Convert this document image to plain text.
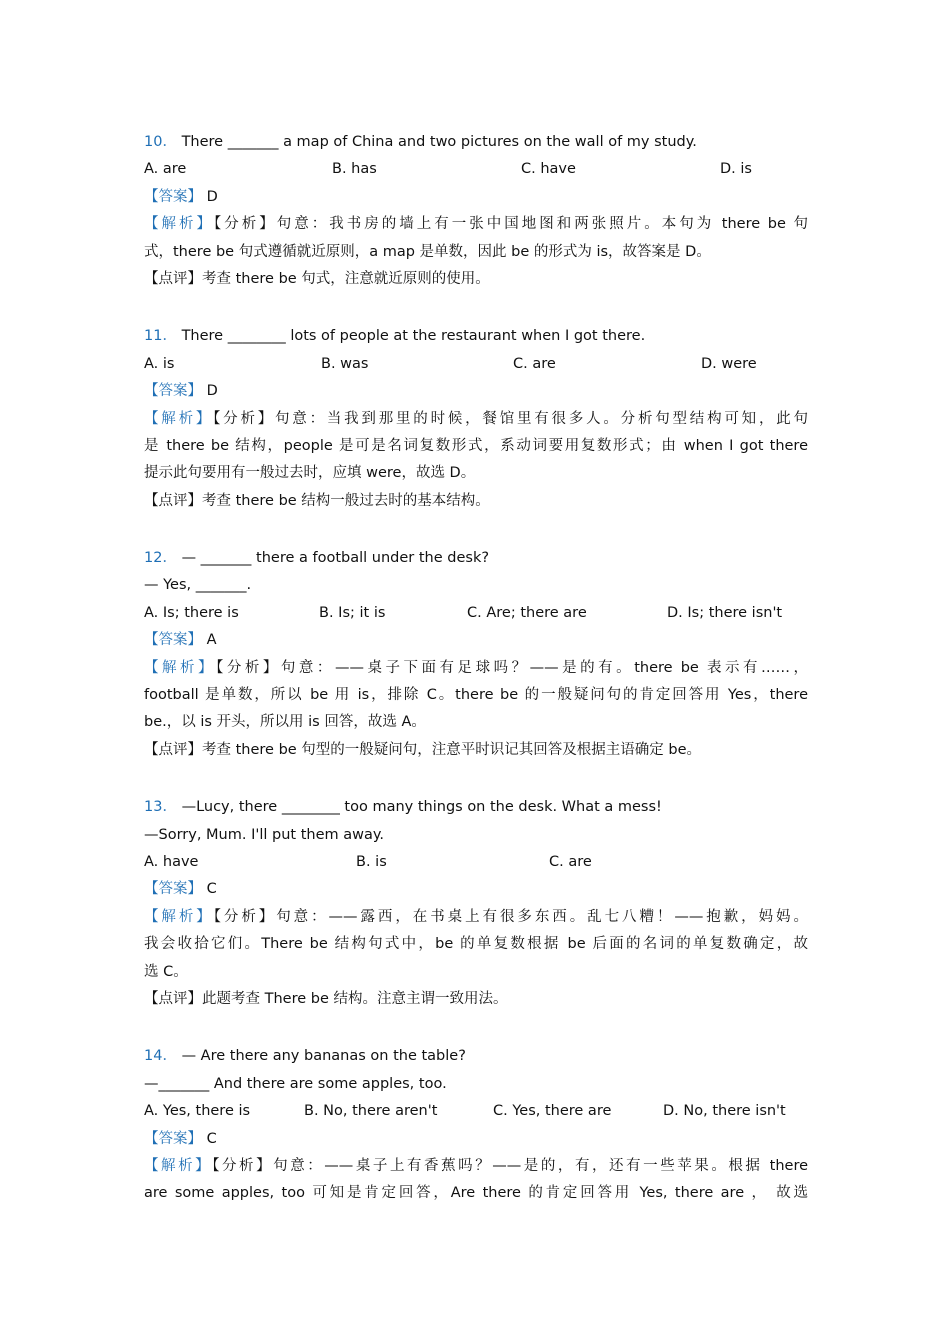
10． There _______ a map of China and two pictures on the wall of my study.
A. are	B. has	C. have	D. is
【答案】 D
【解析】【分析】句意：我书房的墙上有一张中国地图和两张照片。本句为 there be 句
式，there be 句式遵循就近原则，a map 是单数，因此 be 的形式为 is，故答案是 D。
【点评】考查 there be 句式，注意就近原则的使用。
11． There ________ lots of people at the restaurant when I got there.
A. is	B. was	C. are	D. were
【答案】 D
【解析】【分析】句意：当我到那里的时候，餐馆里有很多人。分析句型结构可知，此句
是 there be 结构，people 是可是名词复数形式，系动词要用复数形式；由 when I got there
提示此句要用有一般过去时，应填 were，故选 D。
【点评】考查 there be 结构一般过去时的基本结构。
12． — _______ there a football under the desk?
— Yes, _______.
A. Is; there is	B. Is; it is	C. Are; there are	D. Is; there isn't
【答案】 A
【解析】【分析】句意：——桌子下面有足球吗？——是的有。there be 表示有……，
football 是单数，所以 be 用 is，排除 C。there be 的一般疑问句的肯定回答用 Yes，there
be.，以 is 开头，所以用 is 回答，故选 A。
【点评】考查 there be 句型的一般疑问句，注意平时识记其回答及根据主语确定 be。
13． —Lucy, there ________ too many things on the desk. What a mess!
—Sorry, Mum. I'll put them away.
A. have	B. is	C. are
【答案】 C
【解析】【分析】句意：——露西，在书桌上有很多东西。乱七八糟！——抱歉，妈妈。
我会收拾它们。There be 结构句式中，be 的单复数根据 be 后面的名词的单复数确定，故
选 C。
【点评】此题考查 There be 结构。注意主谓一致用法。
14． — Are there any bananas on the table?
—_______ And there are some apples, too.
A. Yes, there is	B. No, there aren't	C. Yes, there are	D. No, there isn't
【答案】 C
【解析】【分析】句意：——桌子上有香蕉吗？——是的，有，还有一些苹果。根据 there
are some apples, too 可知是肯定回答，Are there 的肯定回答用 Yes, there are ， 故选
